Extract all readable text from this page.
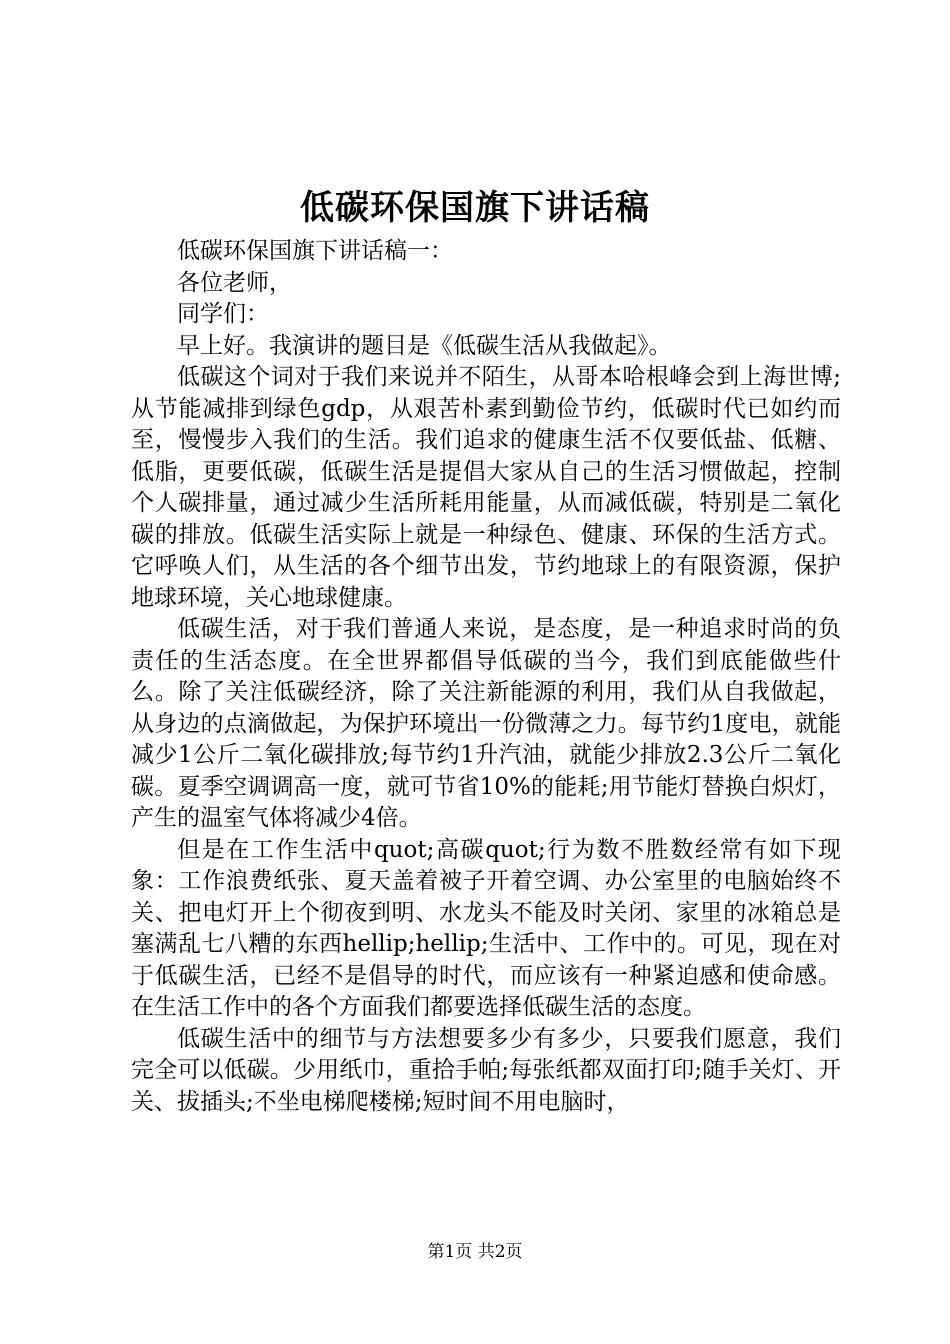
低碳环保国旗下讲话稿

低碳环保国旗下讲话稿一：

各位老师，

同学们：

早上好。我演讲的题目是《低碳生活从我做起》。

低碳这个词对于我们来说并不陌生，从哥本哈根峰会到上海世博;从节能减排到绿色gdp，从艰苦朴素到勤俭节约，低碳时代已如约而至，慢慢步入我们的生活。我们追求的健康生活不仅要低盐、低糖、低脂，更要低碳，低碳生活是提倡大家从自己的生活习惯做起，控制个人碳排量，通过减少生活所耗用能量，从而减低碳，特别是二氧化碳的排放。低碳生活实际上就是一种绿色、健康、环保的生活方式。它呼唤人们，从生活的各个细节出发，节约地球上的有限资源，保护地球环境，关心地球健康。

低碳生活，对于我们普通人来说，是态度，是一种追求时尚的负责任的生活态度。在全世界都倡导低碳的当今，我们到底能做些什么。除了关注低碳经济，除了关注新能源的利用，我们从自我做起，从身边的点滴做起，为保护环境出一份微薄之力。每节约1度电，就能减少1公斤二氧化碳排放;每节约1升汽油，就能少排放2.3公斤二氧化碳。夏季空调调高一度，就可节省10%的能耗;用节能灯替换白炽灯，产生的温室气体将减少4倍。

但是在工作生活中quot;高碳quot;行为数不胜数经常有如下现象：工作浪费纸张、夏天盖着被子开着空调、办公室里的电脑始终不关、把电灯开上个彻夜到明、水龙头不能及时关闭、家里的冰箱总是塞满乱七八糟的东西hellip;hellip;生活中、工作中的。可见，现在对于低碳生活，已经不是倡导的时代，而应该有一种紧迫感和使命感。在生活工作中的各个方面我们都要选择低碳生活的态度。

低碳生活中的细节与方法想要多少有多少，只要我们愿意，我们完全可以低碳。少用纸巾，重拾手帕;每张纸都双面打印;随手关灯、开关、拔插头;不坐电梯爬楼梯;短时间不用电脑时，

第1页 共2页
